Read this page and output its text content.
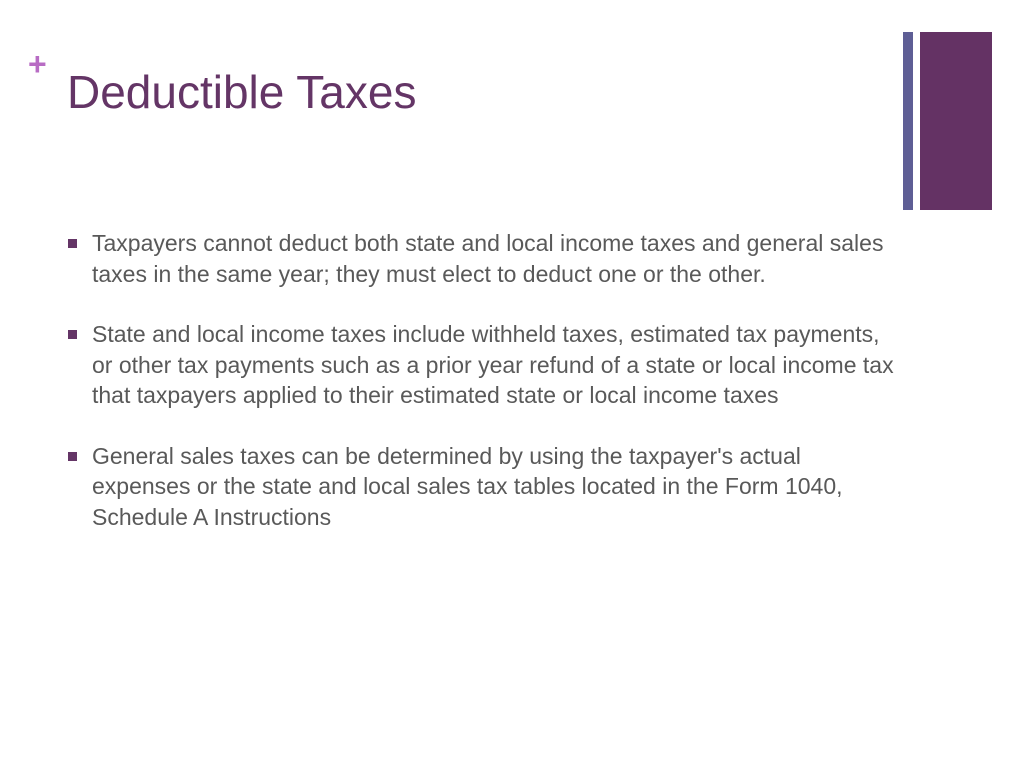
+
Deductible Taxes
Taxpayers cannot deduct both state and local income taxes and general sales taxes in the same year; they must elect to deduct one or the other.
State and local income taxes include withheld taxes, estimated tax payments, or other tax payments such as a prior year refund of a state or local income tax that taxpayers applied to their estimated state or local income taxes
General sales taxes can be determined by using the taxpayer's actual expenses or the state and local sales tax tables located in the Form 1040, Schedule A Instructions
